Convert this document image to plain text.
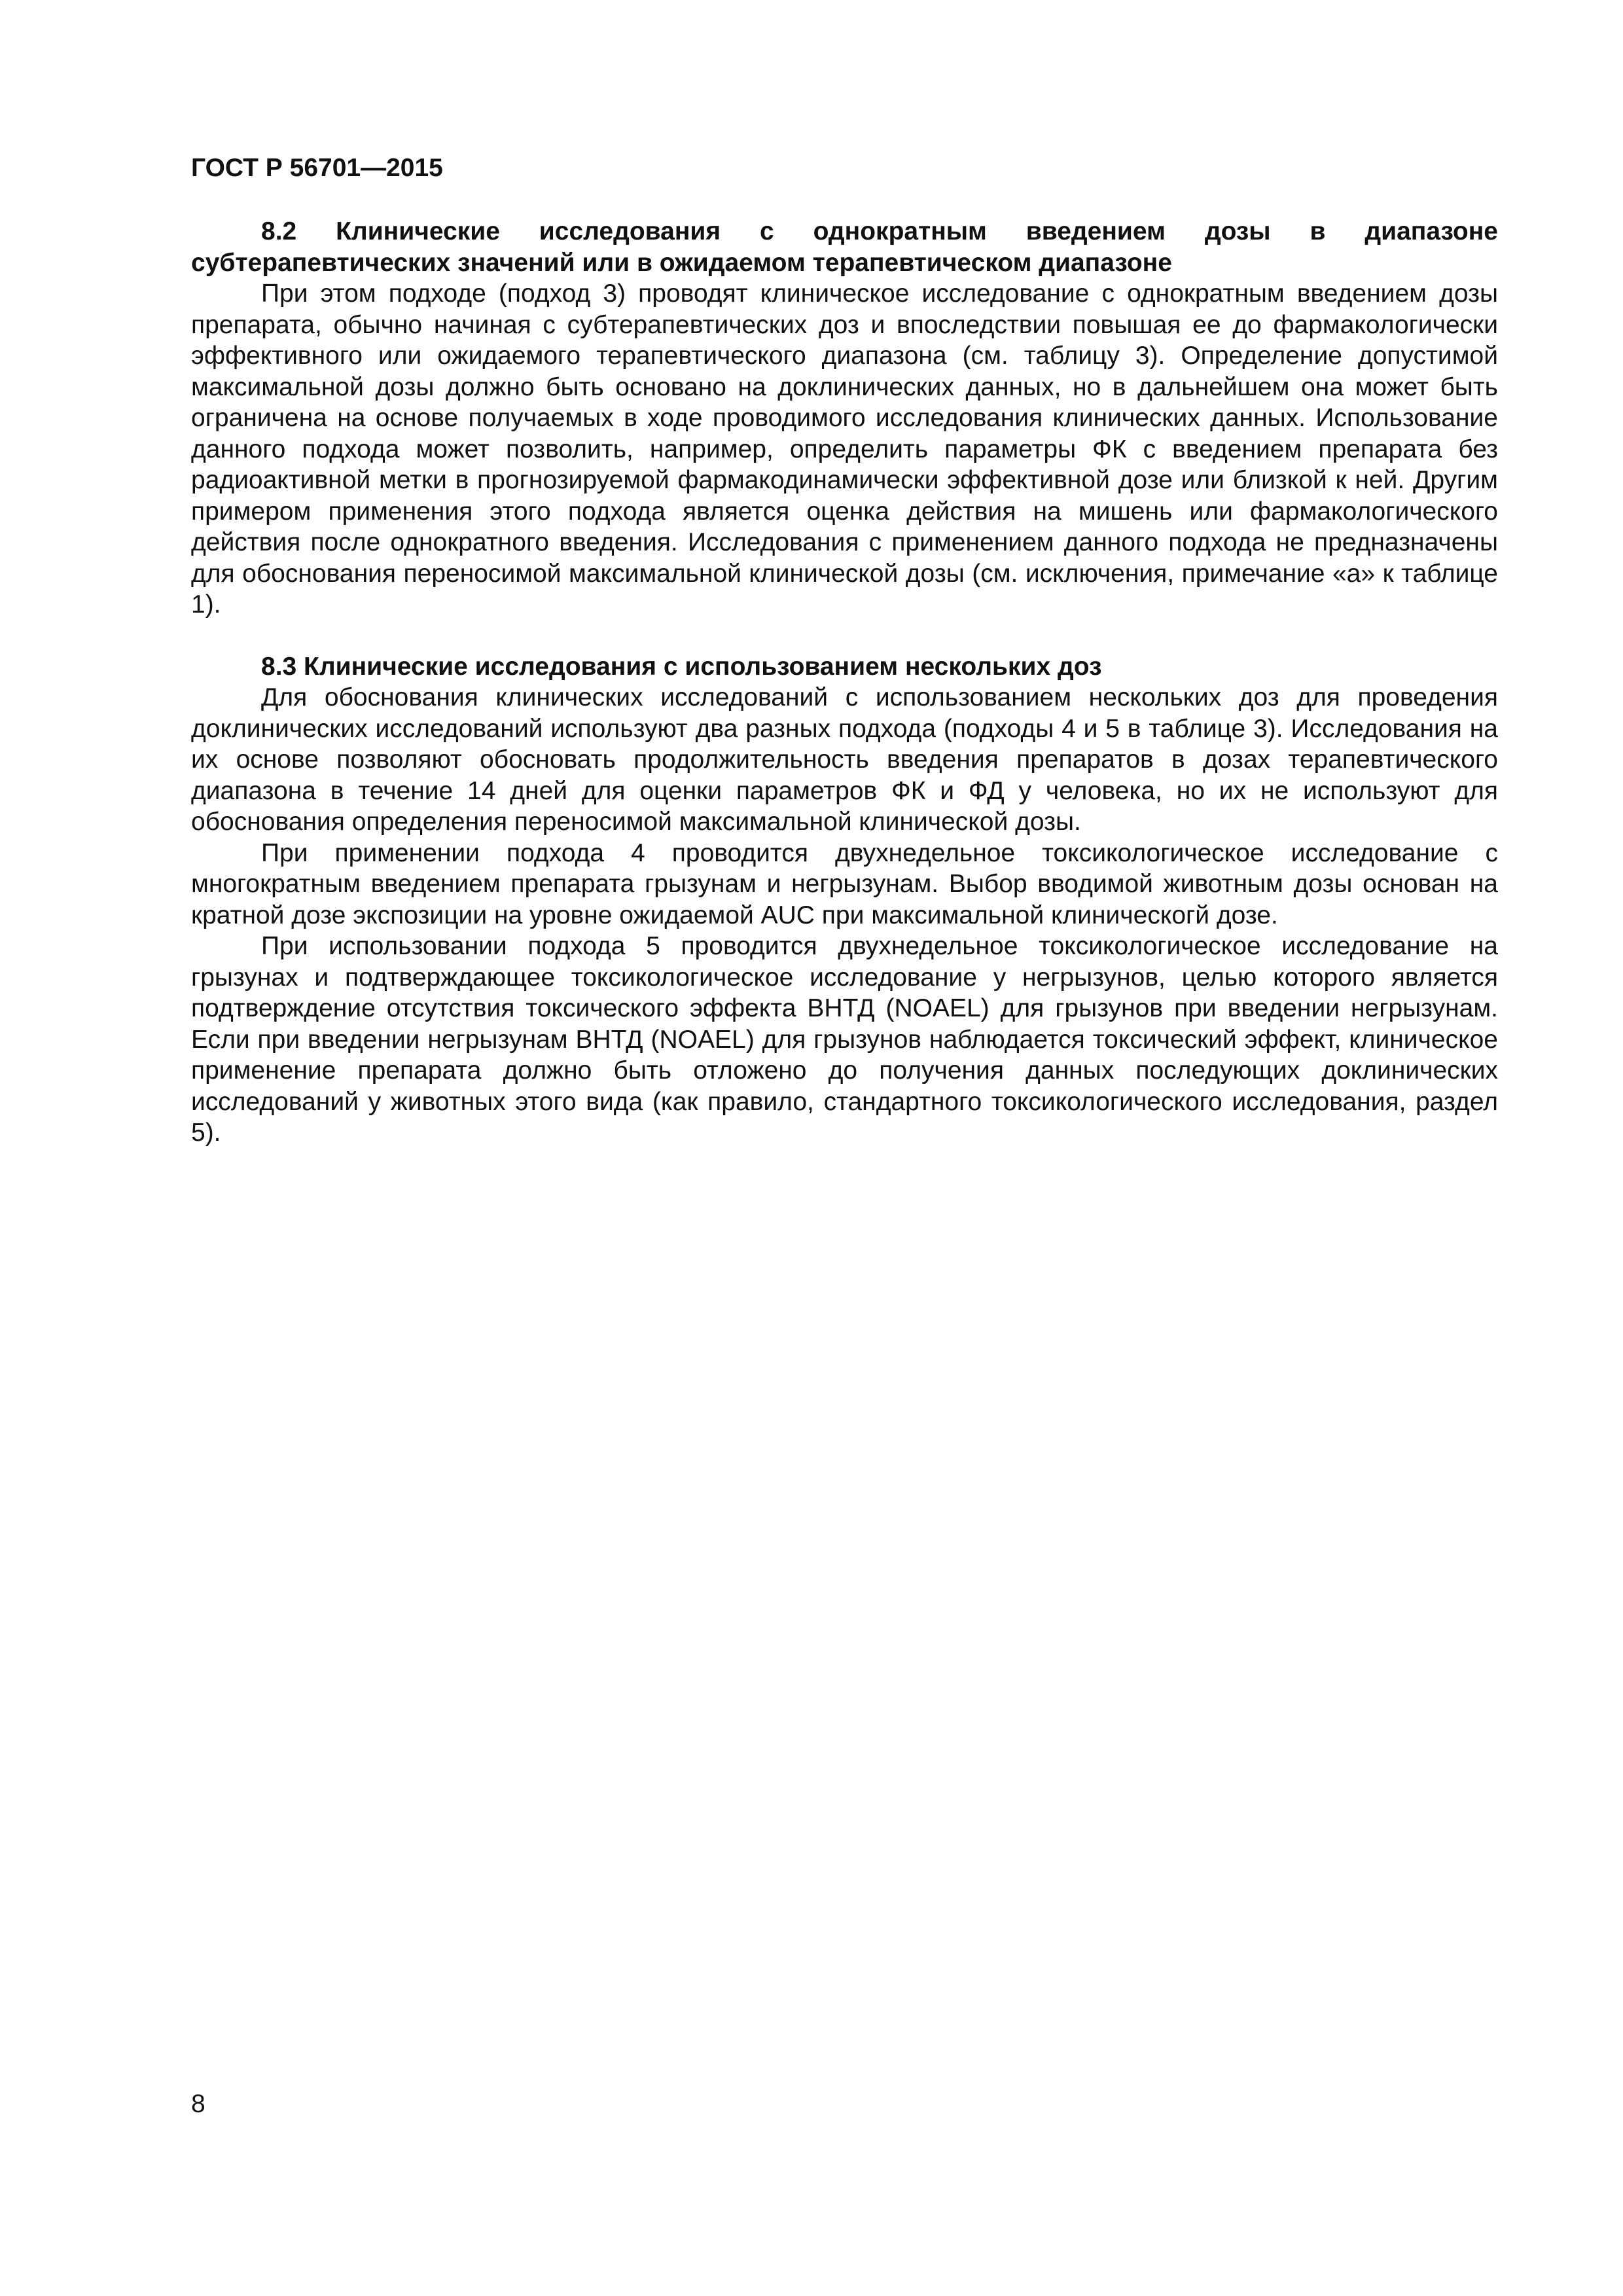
ГОСТ Р 56701—2015

8.2 Клинические исследования с однократным введением дозы в диапазоне субтерапевтических значений или в ожидаемом терапевтическом диапазоне

При этом подходе (подход 3) проводят клиническое исследование с однократным введением дозы препарата, обычно начиная с субтерапевтических доз и впоследствии повышая ее до фармакологически эффективного или ожидаемого терапевтического диапазона (см. таблицу 3). Определение допустимой максимальной дозы должно быть основано на доклинических данных, но в дальнейшем она может быть ограничена на основе получаемых в ходе проводимого исследования клинических данных. Использование данного подхода может позволить, например, определить параметры ФК с введением препарата без радиоактивной метки в прогнозируемой фармакодинамически эффективной дозе или близкой к ней. Другим примером применения этого подхода является оценка действия на мишень или фармакологического действия после однократного введения. Исследования с применением данного подхода не предназначены для обоснования переносимой максимальной клинической дозы (см. исключения, примечание «а» к таблице 1).

8.3 Клинические исследования с использованием нескольких доз

Для обоснования клинических исследований с использованием нескольких доз для проведения доклинических исследований используют два разных подхода (подходы 4 и 5 в таблице 3). Исследования на их основе позволяют обосновать продолжительность введения препаратов в дозах терапевтического диапазона в течение 14 дней для оценки параметров ФК и ФД у человека, но их не используют для обоснования определения переносимой максимальной клинической дозы.

При применении подхода 4 проводится двухнедельное токсикологическое исследование с многократным введением препарата грызунам и негрызунам. Выбор вводимой животным дозы основан на кратной дозе экспозиции на уровне ожидаемой AUC при максимальной клиническогй дозе.

При использовании подхода 5 проводится двухнедельное токсикологическое исследование на грызунах и подтверждающее токсикологическое исследование у негрызунов, целью которого является подтверждение отсутствия токсического эффекта ВНТД (NOAEL) для грызунов при введении негрызунам. Если при введении негрызунам ВНТД (NOAEL) для грызунов наблюдается токсический эффект, клиническое применение препарата должно быть отложено до получения данных последующих доклинических исследований у животных этого вида (как правило, стандартного токсикологического исследования, раздел 5).

8
